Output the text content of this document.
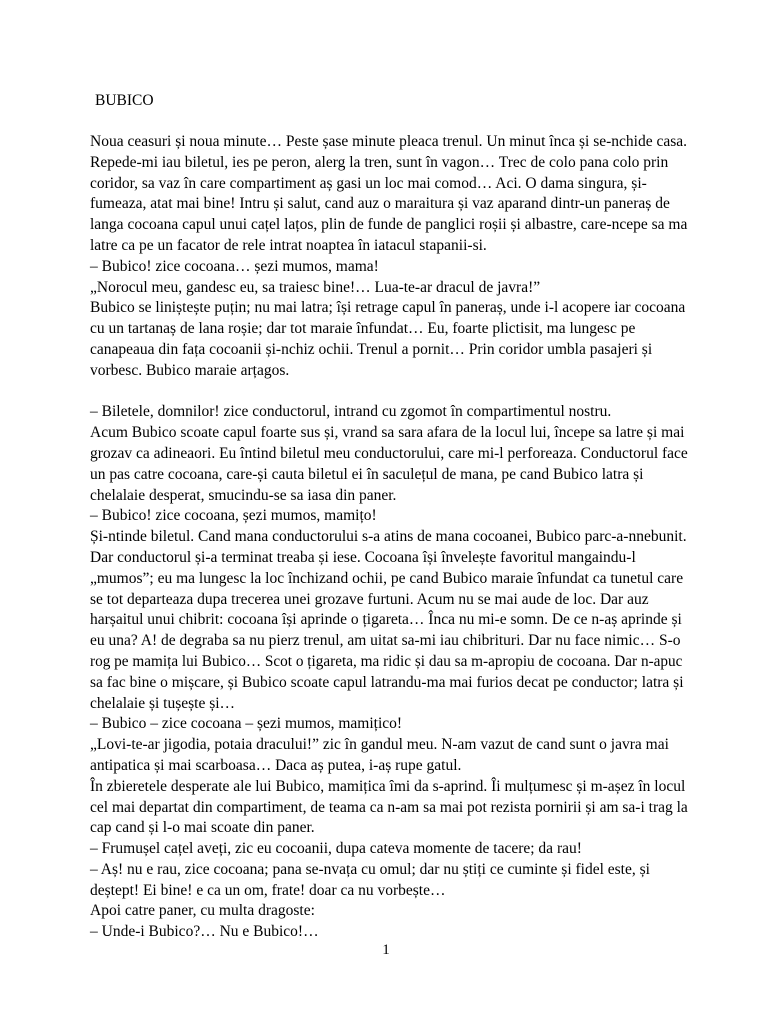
BUBICO
Noua ceasuri și noua minute… Peste șase minute pleaca trenul. Un minut înca și se-nchide casa.
Repede-mi iau biletul, ies pe peron, alerg la tren, sunt în vagon… Trec de colo pana colo prin
coridor, sa vaz în care compartiment aș gasi un loc mai comod… Aci. O dama singura, și-
fumeaza, atat mai bine! Intru și salut, cand auz o maraitura și vaz aparand dintr-un paneraș de
langa cocoana capul unui cațel lațos, plin de funde de panglici roșii și albastre, care-ncepe sa ma
latre ca pe un facator de rele intrat noaptea în iatacul stapanii-si.
– Bubico! zice cocoana… șezi mumos, mama!
„Norocul meu, gandesc eu, sa traiesc bine!… Lua-te-ar dracul de javra!”
Bubico se liniștește puțin; nu mai latra; își retrage capul în paneraș, unde i-l acopere iar cocoana
cu un tartanaș de lana roșie; dar tot maraie înfundat… Eu, foarte plictisit, ma lungesc pe
canapeaua din fața cocoanii și-nchiz ochii. Trenul a pornit… Prin coridor umbla pasajeri și
vorbesc. Bubico maraie arțagos.
– Biletele, domnilor! zice conductorul, intrand cu zgomot în compartimentul nostru.
Acum Bubico scoate capul foarte sus și, vrand sa sara afara de la locul lui, începe sa latre și mai
grozav ca adineaori. Eu întind biletul meu conductorului, care mi-l perforeaza. Conductorul face
un pas catre cocoana, care-și cauta biletul ei în saculețul de mana, pe cand Bubico latra și
chelalaie desperat, smucindu-se sa iasa din paner.
– Bubico! zice cocoana, șezi mumos, mamițo!
Și-ntinde biletul. Cand mana conductorului s-a atins de mana cocoanei, Bubico parc-a-nnebunit.
Dar conductorul și-a terminat treaba și iese. Cocoana își învelește favoritul mangaindu-l
„mumos”; eu ma lungesc la loc închizand ochii, pe cand Bubico maraie înfundat ca tunetul care
se tot departeaza dupa trecerea unei grozave furtuni. Acum nu se mai aude de loc. Dar auz
harșaitul unui chibrit: cocoana își aprinde o țigareta… Înca nu mi-e somn. De ce n-aș aprinde și
eu una? A! de degraba sa nu pierz trenul, am uitat sa-mi iau chibrituri. Dar nu face nimic… S-o
rog pe mamița lui Bubico… Scot o țigareta, ma ridic și dau sa m-apropiu de cocoana. Dar n-apuc
sa fac bine o mișcare, și Bubico scoate capul latrandu-ma mai furios decat pe conductor; latra și
chelalaie și tușește și…
– Bubico – zice cocoana – șezi mumos, mamițico!
„Lovi-te-ar jigodia, potaia dracului!” zic în gandul meu. N-am vazut de cand sunt o javra mai
antipatica și mai scarboasa… Daca aș putea, i-aș rupe gatul.
În zbieretele desperate ale lui Bubico, mamițica îmi da s-aprind. Îi mulțumesc și m-așez în locul
cel mai departat din compartiment, de teama ca n-am sa mai pot rezista pornirii și am sa-i trag la
cap cand și l-o mai scoate din paner.
– Frumușel cațel aveți, zic eu cocoanii, dupa cateva momente de tacere; da rau!
– Aș! nu e rau, zice cocoana; pana se-nvața cu omul; dar nu știți ce cuminte și fidel este, și
deștept! Ei bine! e ca un om, frate! doar ca nu vorbește…
Apoi catre paner, cu multa dragoste:
– Unde-i Bubico?… Nu e Bubico!…
1
